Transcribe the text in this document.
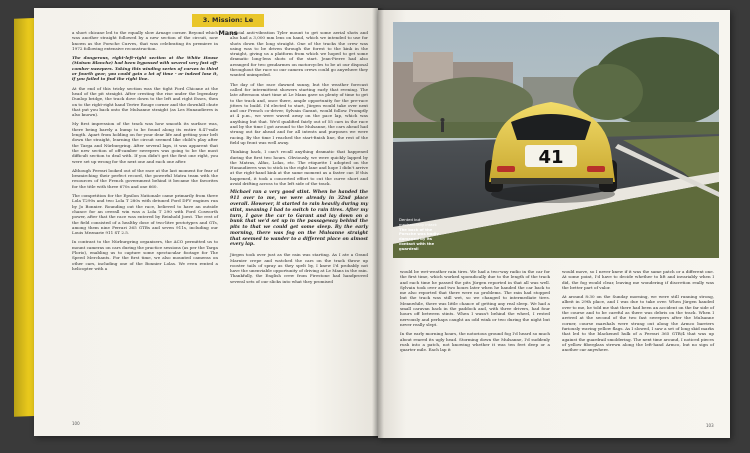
3. Mission: Le Mans

a short chicane led to the equally slow Arnage corner. Beyond which was another straight followed by a new section of the circuit, now known as the Porsche Curves, that was celebrating its premiere in 1972 following extensive reconstruction.

The dangerous, right-left-right section at the White House (Maison Blanche) had been bypassed with several very fast off-camber sweepers. Taking this winding series of curves in third or fourth gear, you could gain a lot of time - or indeed lose it, if you failed to find the right line.

At the end of this tricky section was the tight Ford Chicane at the head of the pit straight. After cresting the rise under the legendary Dunlop bridge, the track dove down to the left and right Esses, then on to the right-right hand Tertre Rouge corner and the downhill chute that put you back onto the Mulsanne straight (as Les Hunaudieres is also known).

My first impression of the track was how smooth its surface was, there being barely a bump to be found along its entire 8.47-mile length. Apart from holding on for your dear life and getting your belt down the straight, learning the circuit seemed like child's play after the Targa and Nürburgring. After several laps, it was apparent that the new section of off-camber sweepers was going to be the most difficult section to deal with. If you didn't get the first one right, you were set up wrong for the next one and each one after.

Although Ferrari looked out of the race at the last moment for fear of besmirching their perfect record, the powerful Matra team with the resources of the French government behind it became the favorites for the title with three 670s and one 660.

The competition for the Epsilon Nationale came primarily from three Lola T290s and two Lola T 280s with detuned Ford DFV engines run by Jo Bonnier. Rounding out the race, believed to have an outside chance for an overall win was a Lola T 290 with Ford Cosworth power, after that the race was entered by Reinhold Joest. The rest of the field consisted of a healthy dose of two-litre prototypes and GTs, among them nine Ferrari 365 GTBs and seven 911s, including our Louis Meznarie 911 ST 2.5.

In contrast to the Nürburgring organisers, the ACO permitted us to mount cameras on cars during the practice sessions (as per the Targa Florio), enabling us to capture some spectacular footage for The Speed Merchants. For the first time, we also mounted cameras on other cars, including one of the Bonnier Lolas. We even rented a helicopter with a

special anti-vibration Tyler mount to get some aerial shots and also had a 3,000 mm lens on hand, which we intended to use for shots down the long straight. One of the tracks the crew was using was to be driven through the forest to the kink in the straight, giving us a platform from which we hoped to get some dramatic long-lens shots of the start. Jean-Pierre had also arranged for two gendarmes on motorcycles to be at our disposal throughout the race so our camera crews could go anywhere they wanted unimpeded.

The day of the race dawned sunny, but the weather forecast called for intermittent showers starting early that evening. The late afternoon start time at Le Mans gave us plenty of time to get to the track and, once there, ample opportunity for the pre-race jitters to build. I'd elected to start, Jürgen would take over next and our French co-driver, Sylvain Garant, would follow. Promptly at 4 p.m., we were waved away on the pace lap, which was anything but that. We'd qualified fairly out of 55 cars in the race and by the time I got around to the Mulsanne, the cars ahead had strung out far ahead and for all intents and purposes we were racing. By the time I reached the start-finish line, the rest of the field up front was well away.

Thinking back, I can't recall anything dramatic that happened during the first two hours. Obviously, we were quickly lapped by the Matras, Alfas, Lolas, etc. The etiquette I adopted on the Hunaudieres was to stick in the right lane and hope I didn't arrive at the right-hand kink at the same moment as a faster car. If this happened, it took a concerted effort to cut the curve short and avoid drifting across to the left side of the track.

Michael ran a very good stint. When he handed the 911 over to me, we were already in 32nd place overall. However, it started to rain heavily during my stint, meaning I had to switch to rain tires. After my turn, I gave the car to Garant and lay down on a bunk that we'd set up in the passageway behind the pits to that we could get some sleep. By the early morning, there was fog on the Mulsanne straight that seemed to wander to a different place on almost every lap.

Jürgen took over just as the rain was starting. As I ate a Grand Marnier crepe and watched the cars on the track throw up rooster tails of spray as they spelt by, I knew I'd probably not have the unenviable opportunity of driving at Le Mans in the rain. Thankfully, the English crew from Firestone had handproved several sets of our slicks into what they promised

41
Dented but mechanically intact:
The back of the Porsche was badly damaged by its contact with the guardrail

would be wet-weather rain tires. We had a two-way radio in the car for the first time, which worked sporadically due to the length of the track and each time he passed the pits Jürgen reported in that all was well. Sylvain took over and two hours later when he handed the car back to me also reported that there were no problems. The rain had stopped but the track was still wet, so we changed to intermediate tires. Meanwhile, there was little chance of getting any real sleep. We had a small caravan back in the paddock and, with three drivers, had four hours off between stints. When I wasn't behind the wheel, I rested nervously and perhaps caught an odd wink or two during the night but never really slept.

In the early morning hours, the notorious ground fog I'd heard so much about reared its ugly head. Storming down the Mulsanne, I'd suddenly rush into a patch, not knowing whether it was ten feet deep or a quarter mile. Each lap it

would move, so I never knew if it was the same patch or a different one. At some point, I'd have to decide whether to lift and invariably when I did, the fog would clear, leaving me wondering if discretion really was the better part of valor.

At around 8:30 on the Sunday morning, we were still running strong, albeit in 29th place, and I was due to take over. When Jürgen handed over to me, he told me that there had been an accident on the far side of the course and to be careful as there was debris on the track. When I arrived at the second of the two fast sweepers after the Mulsanne corner, course marshals were strung out along the Armco barriers furiously waving yellow flags. As I slowed, I saw a set of long skid marks that led to the blackened hulk of a Ferrari 365 GTB/4 that was up against the guardrail smoldering. The next time around, I noticed pieces of yellow fiberglass strewn along the left-hand Armco, but no sign of another car anywhere.

100	103
